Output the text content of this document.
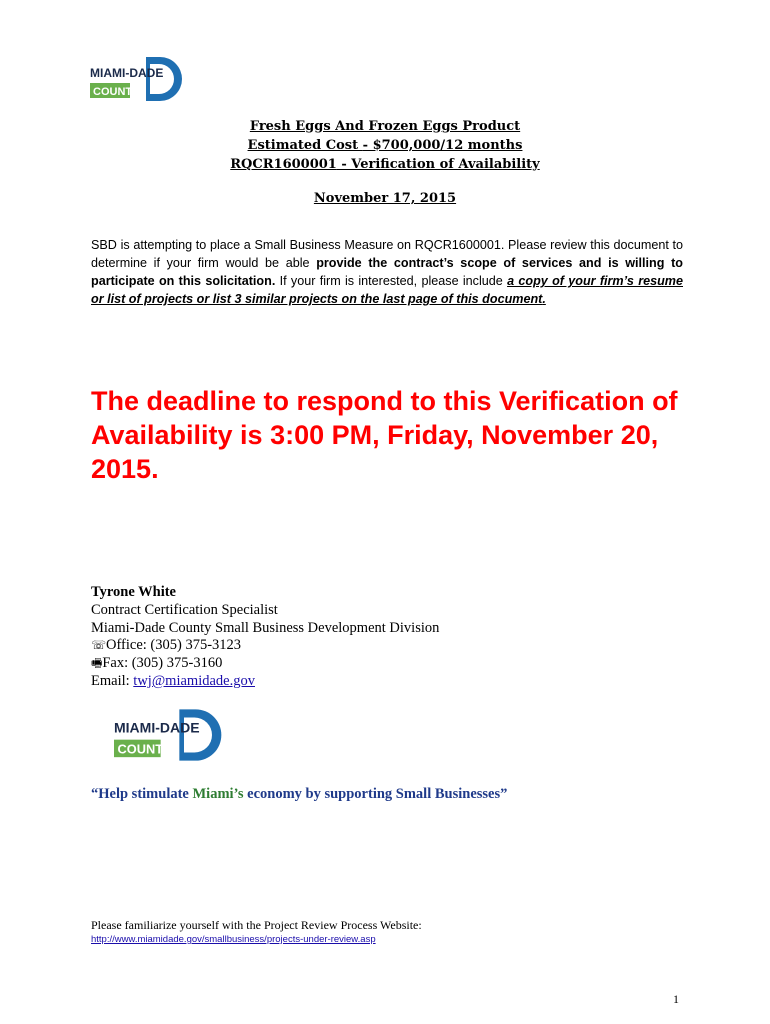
MIAMI-DADE
COUNTY
Fresh Eggs And Frozen Eggs Product
Estimated Cost - $700,000/12 months
RQCR1600001 - Verification of Availability
November 17, 2015
SBD is attempting to place a Small Business Measure on RQCR1600001. Please review this document to determine if your firm would be able provide the contract’s scope of services and is willing to participate on this solicitation. If your firm is interested, please include a copy of your firm’s resume or list of projects or list 3 similar projects on the last page of this document.
The deadline to respond to this Verification of Availability is 3:00 PM, Friday, November 20, 2015.
Tyrone White
Contract Certification Specialist
Miami-Dade County Small Business Development Division
☏Office: (305) 375-3123
🖷Fax: (305) 375-3160
Email: twj@miamidade.gov
MIAMI-DADE
COUNTY
“Help stimulate Miami’s economy by supporting Small Businesses”
Please familiarize yourself with the Project Review Process Website:
http://www.miamidade.gov/smallbusiness/projects-under-review.asp
1
